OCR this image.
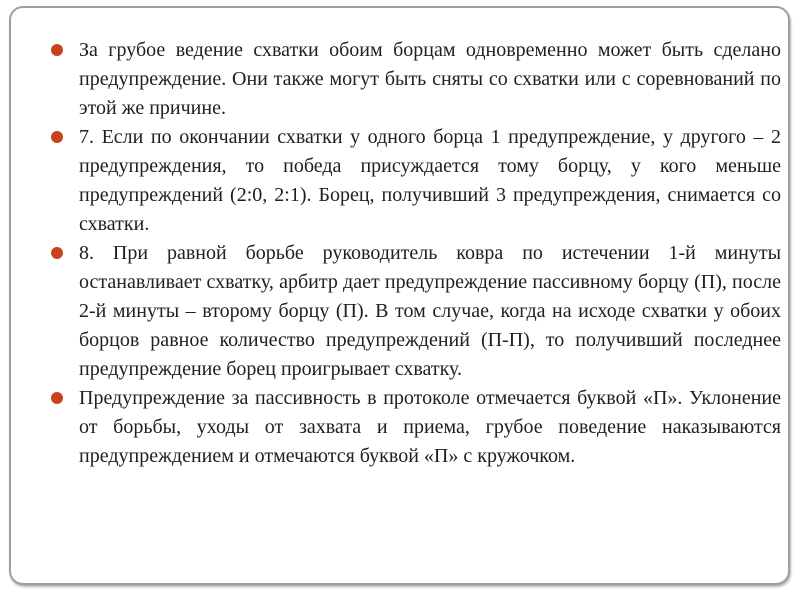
За грубое ведение схватки обоим борцам одновременно может быть сделано предупреждение. Они также могут быть сняты со схватки или с соревнований по этой же причине.
7. Если по окончании схватки у одного борца 1 предупреждение, у другого – 2 предупреждения, то победа присуждается тому борцу, у кого меньше предупреждений (2:0, 2:1). Борец, получивший 3 предупреждения, снимается со схватки.
8. При равной борьбе руководитель ковра по истечении 1-й минуты останавливает схватку, арбитр дает предупреждение пассивному борцу (П), после 2-й минуты – второму борцу (П). В том случае, когда на исходе схватки у обоих борцов равное количество предупреждений (П-П), то получивший последнее предупреждение борец проигрывает схватку.
Предупреждение за пассивность в протоколе отмечается буквой «П». Уклонение от борьбы, уходы от захвата и приема, грубое поведение наказываются предупреждением и отмечаются буквой «П» с кружочком.
